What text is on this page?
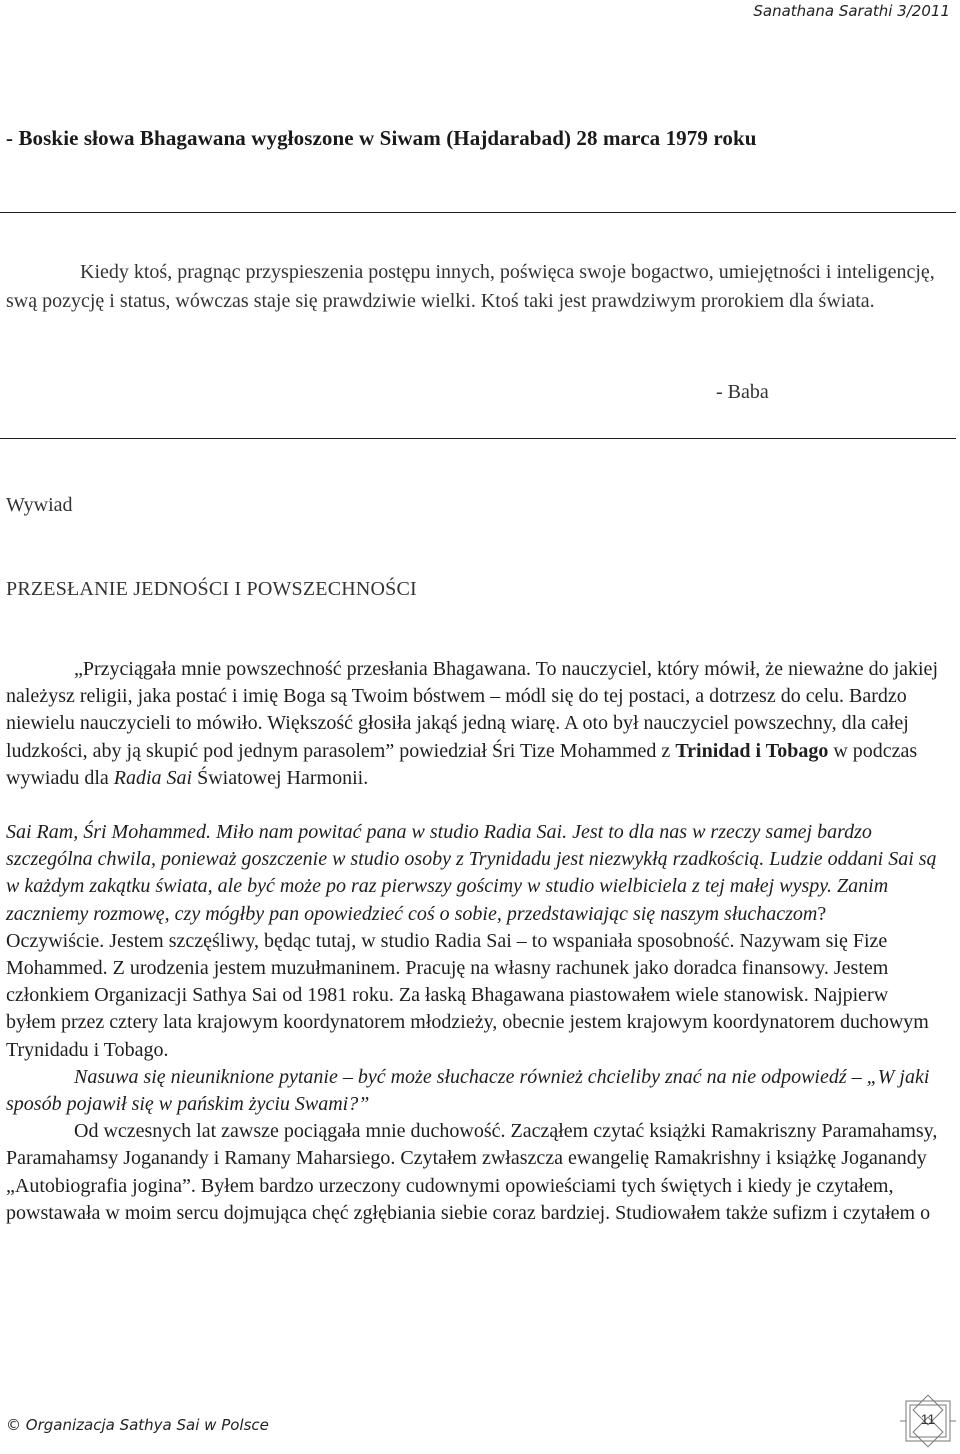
Sanathana Sarathi 3/2011
- Boskie słowa Bhagawana wygłoszone w Siwam (Hajdarabad) 28 marca 1979 roku

Kiedy ktoś, pragnąc przyspieszenia postępu innych, poświęca swoje bogactwo, umiejętności i inteligencję, swą pozycję i status, wówczas staje się prawdziwie wielki. Ktoś taki jest prawdziwym prorokiem dla świata.

- Baba
Wywiad
PRZESŁANIE JEDNOŚCI I POWSZECHNOŚCI

„Przyciągała mnie powszechność przesłania Bhagawana. To nauczyciel, który mówił, że nieważne do jakiej należysz religii, jaka postać i imię Boga są Twoim bóstwem – módl się do tej postaci, a dotrzesz do celu. Bardzo niewielu nauczycieli to mówiło. Większość głosiła jakąś jedną wiarę. A oto był nauczyciel powszechny, dla całej ludzkości, aby ją skupić pod jednym parasolem” powiedział Śri Tize Mohammed z Trinidad i Tobago w podczas wywiadu dla Radia Sai Światowej Harmonii.

Sai Ram, Śri Mohammed. Miło nam powitać pana w studio Radia Sai. Jest to dla nas w rzeczy samej bardzo szczególna chwila, ponieważ goszczenie w studio osoby z Trynidadu jest niezwykłą rzadkością. Ludzie oddani Sai są w każdym zakątku świata, ale być może po raz pierwszy gościmy w studio wielbiciela z tej małej wyspy. Zanim zaczniemy rozmowę, czy mógłby pan opowiedzieć coś o sobie, przedstawiając się naszym słuchaczom?

Oczywiście. Jestem szczęśliwy, będąc tutaj, w studio Radia Sai – to wspaniała sposobność. Nazywam się Fize Mohammed. Z urodzenia jestem muzułmaninem. Pracuję na własny rachunek jako doradca finansowy. Jestem członkiem Organizacji Sathya Sai od 1981 roku. Za łaską Bhagawana piastowałem wiele stanowisk. Najpierw byłem przez cztery lata krajowym koordynatorem młodzieży, obecnie jestem krajowym koordynatorem duchowym Trynidadu i Tobago.

Nasuwa się nieuniknione pytanie – być może słuchacze również chcieliby znać na nie odpowiedź – „W jaki sposób pojawił się w pańskim życiu Swami?”

Od wczesnych lat zawsze pociągała mnie duchowość. Zacząłem czytać książki Ramakriszny Paramahamsy, Paramahamsy Joganandy i Ramany Maharsiego. Czytałem zwłaszcza ewangelię Ramakrishny i książkę Joganandy „Autobiografia jogina”. Byłem bardzo urzeczony cudownymi opowieściami tych świętych i kiedy je czytałem, powstawała w moim sercu dojmująca chęć zgłębiania siebie coraz bardziej. Studiowałem także sufizm i czytałem o

© Organizacja Sathya Sai w Polsce	11
